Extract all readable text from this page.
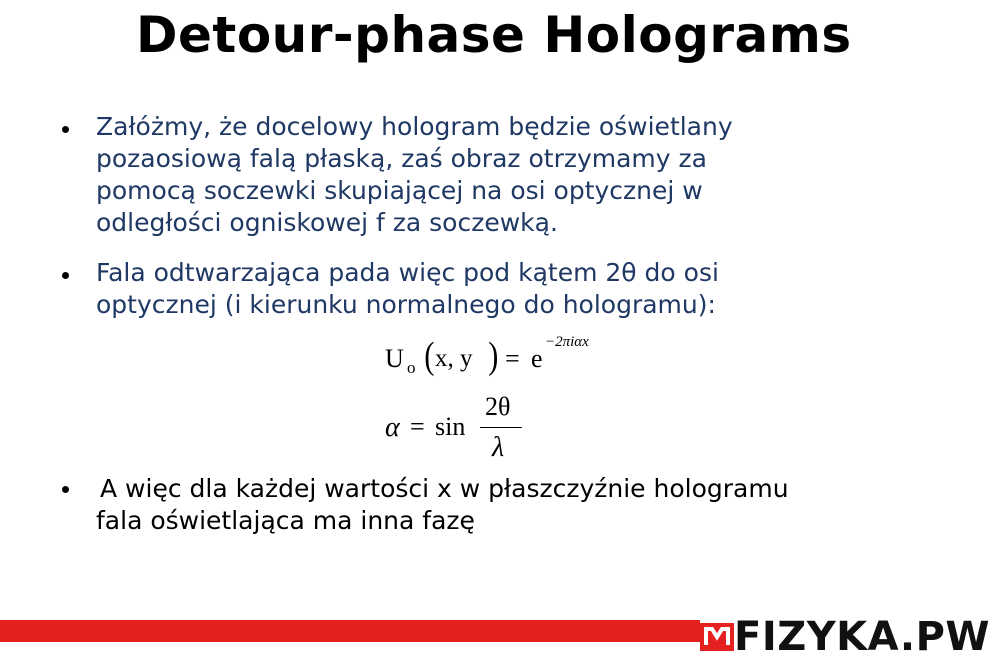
Detour-phase Holograms
Załóżmy, że docelowy hologram będzie oświetlany
pozaosiową falą płaską, zaś obraz otrzymamy za
pomocą soczewki skupiającej na osi optycznej w
odległości ogniskowej f za soczewką.
Fala odtwarzająca pada więc pod kątem 2θ do osi
optycznej (i kierunku normalnego do hologramu):
U o ( x, y ) = e
−2πiαx
α = sin
2θ
λ
A więc dla każdej wartości x w płaszczyźnie hologramu
fala oświetlająca ma inna fazę
FIZYKA.PW
